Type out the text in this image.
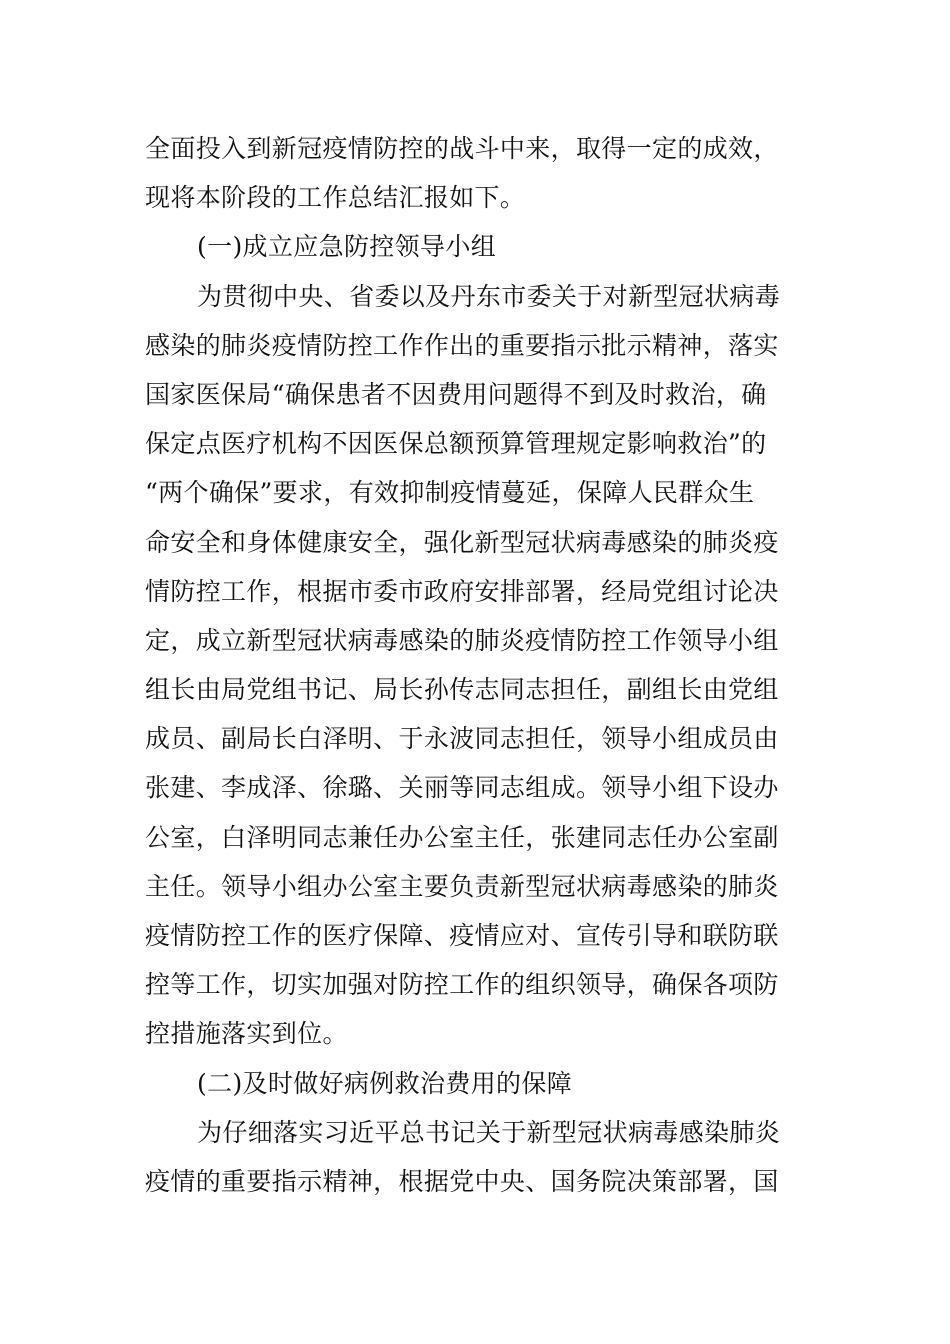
全面投入到新冠疫情防控的战斗中来，取得一定的成效，
现将本阶段的工作总结汇报如下。
(一)成立应急防控领导小组
为贯彻中央、省委以及丹东市委关于对新型冠状病毒
感染的肺炎疫情防控工作作出的重要指示批示精神，落实
国家医保局“确保患者不因费用问题得不到及时救治，确
保定点医疗机构不因医保总额预算管理规定影响救治”的
“两个确保”要求，有效抑制疫情蔓延，保障人民群众生
命安全和身体健康安全，强化新型冠状病毒感染的肺炎疫
情防控工作，根据市委市政府安排部署，经局党组讨论决
定，成立新型冠状病毒感染的肺炎疫情防控工作领导小组
组长由局党组书记、局长孙传志同志担任，副组长由党组
成员、副局长白泽明、于永波同志担任，领导小组成员由
张建、李成泽、徐璐、关丽等同志组成。领导小组下设办
公室，白泽明同志兼任办公室主任，张建同志任办公室副
主任。领导小组办公室主要负责新型冠状病毒感染的肺炎
疫情防控工作的医疗保障、疫情应对、宣传引导和联防联
控等工作，切实加强对防控工作的组织领导，确保各项防
控措施落实到位。
(二)及时做好病例救治费用的保障
为仔细落实习近平总书记关于新型冠状病毒感染肺炎
疫情的重要指示精神，根据党中央、国务院决策部署，国
